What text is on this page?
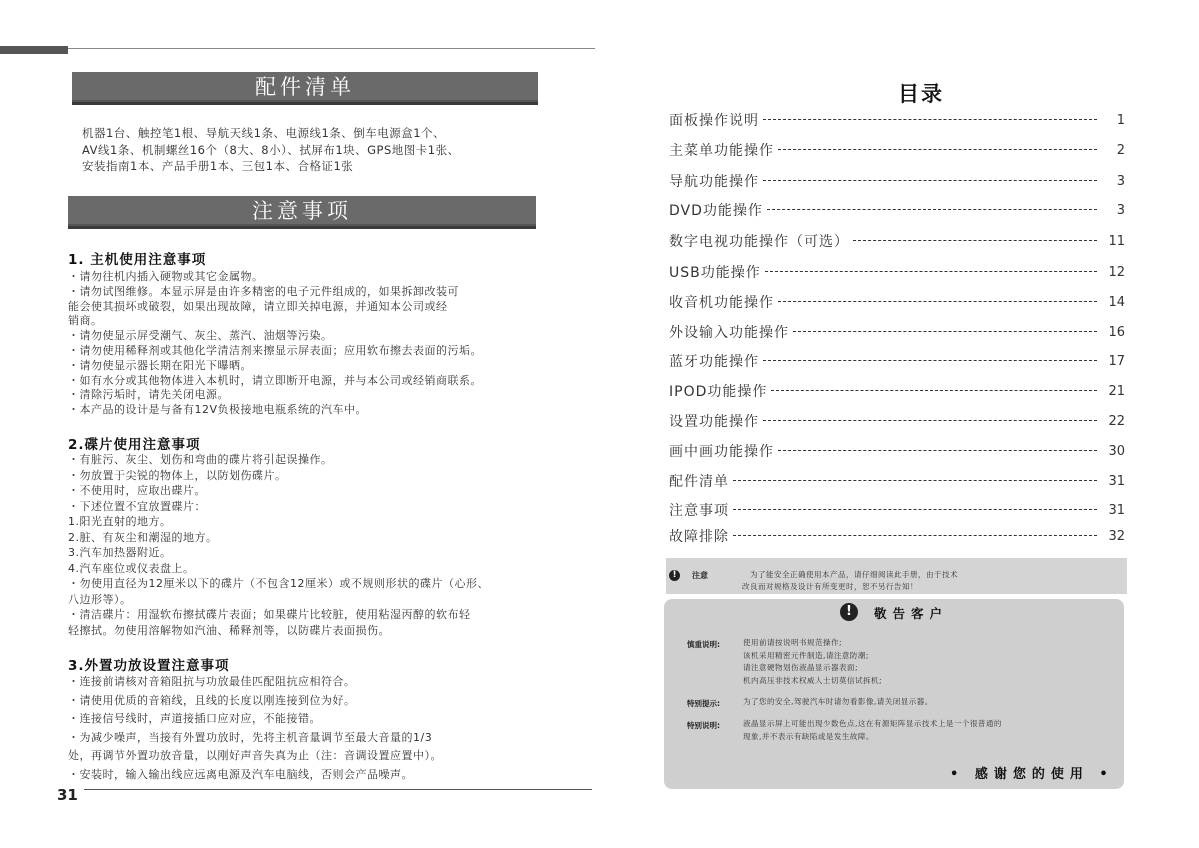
31
配件清单
机器1台、触控笔1根、导航天线1条、电源线1条、倒车电源盒1个、
AV线1条、机制螺丝16个（8大、8小）、拭屏布1块、GPS地图卡1张、
安装指南1本、产品手册1本、三包1本、合格证1张
注意事项
1. 主机使用注意事项
・请勿往机内插入硬物或其它金属物。
・请勿试图维修。本显示屏是由许多精密的电子元件组成的，如果拆卸改装可
能会使其损坏或破裂，如果出现故障，请立即关掉电源，并通知本公司或经
销商。
・请勿使显示屏受潮气、灰尘、蒸汽、油烟等污染。
・请勿使用稀释剂或其他化学清洁剂来擦显示屏表面；应用软布擦去表面的污垢。
・请勿使显示器长期在阳光下曝晒。
・如有水分或其他物体进入本机时，请立即断开电源，并与本公司或经销商联系。
・清除污垢时，请先关闭电源。
・本产品的设计是与备有12V负极接地电瓶系统的汽车中。
2.碟片使用注意事项
・有脏污、灰尘、划伤和弯曲的碟片将引起误操作。
・勿放置于尖锐的物体上，以防划伤碟片。
・不使用时，应取出碟片。
・下述位置不宜放置碟片：
1.阳光直射的地方。
2.脏、有灰尘和潮湿的地方。
3.汽车加热器附近。
4.汽车座位或仪表盘上。
・勿使用直径为12厘米以下的碟片（不包含12厘米）或不规则形状的碟片（心形、
八边形等）。
・清洁碟片：用湿软布擦拭碟片表面；如果碟片比较脏，使用粘湿丙醇的软布轻
轻擦拭。勿使用溶解物如汽油、稀释剂等，以防碟片表面损伤。
3.外置功放设置注意事项
・连接前请核对音箱阻抗与功放最佳匹配阻抗应相符合。
・请使用优质的音箱线，且线的长度以刚连接到位为好。
・连接信号线时，声道接插口应对应，不能接错。
・为减少噪声，当接有外置功放时，先将主机音量调节至最大音量的1/3
处，再调节外置功放音量，以刚好声音失真为止（注：音调设置应置中）。
・安装时，输入输出线应远离电源及汽车电脑线，否则会产品噪声。
目录
面板操作说明	1
主菜单功能操作	2
导航功能操作	3
DVD功能操作	3
数字电视功能操作（可选）	11
USB功能操作	12
收音机功能操作	14
外设输入功能操作	16
蓝牙功能操作	17
IPOD功能操作	21
设置功能操作	22
画中画功能操作	30
配件清单	31
注意事项	31
故障排除	32
!	注意	为了能安全正确使用本产品，请仔细阅读此手册，由于技术
改良而对规格及设计有所变更时，恕不另行告知！
!	敬告客户
慎重说明:	使用前请按说明书规范操作;
该机采用精密元件制造,请注意防潮;
请注意硬物划伤液晶显示器表面;
机内高压非技术权威人士切莫信试拆机;
特别提示:	为了您的安全,驾驶汽车时请勿看影像,请关闭显示器。
特别说明:	液晶显示屏上可能出现少数色点,这在有源矩阵显示技术上是一个很普通的
现象,并不表示有缺陷或是发生故障。
• 感谢您的使用 •
